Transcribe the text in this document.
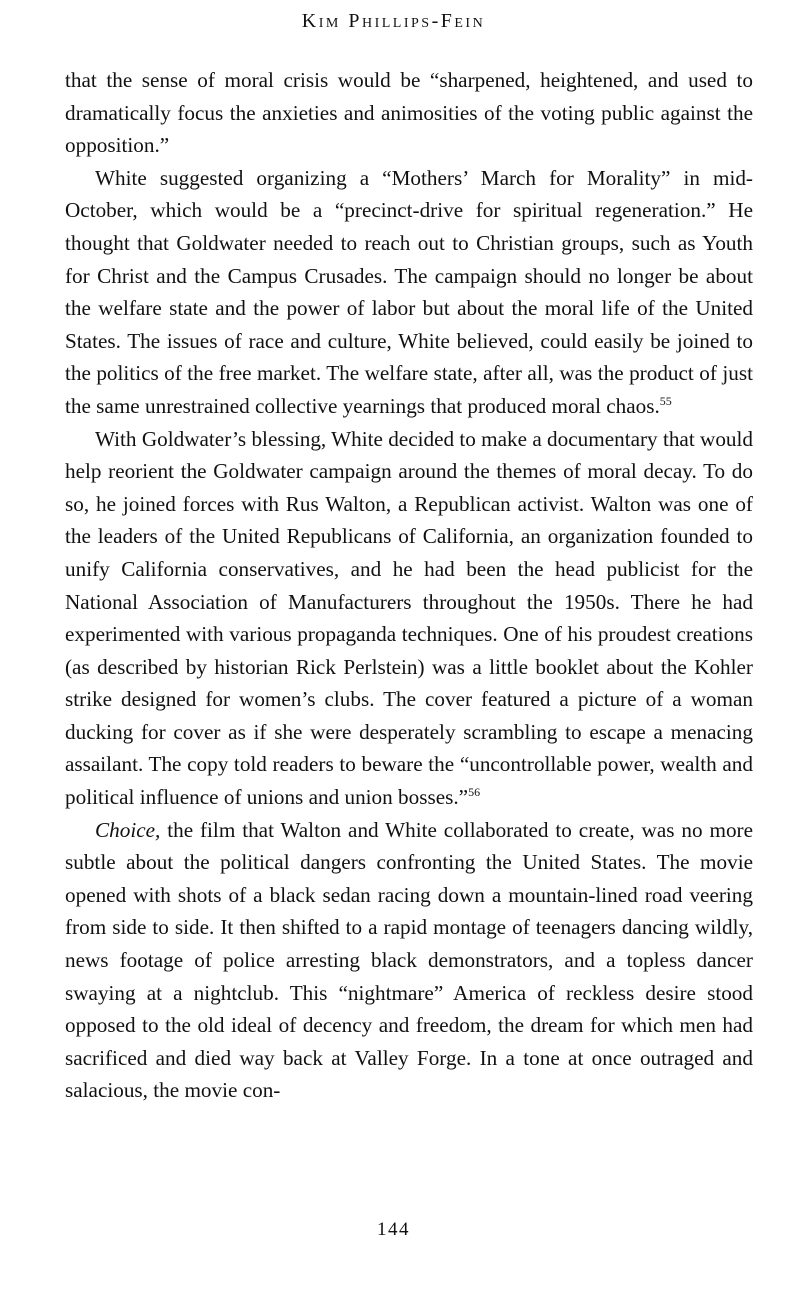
Kim Phillips-Fein

that the sense of moral crisis would be “sharpened, heightened, and used to dramatically focus the anxieties and animosities of the voting public against the opposition.”

White suggested organizing a “Mothers’ March for Morality” in mid-October, which would be a “precinct-drive for spiritual regeneration.” He thought that Goldwater needed to reach out to Christian groups, such as Youth for Christ and the Campus Crusades. The campaign should no longer be about the welfare state and the power of labor but about the moral life of the United States. The issues of race and culture, White believed, could easily be joined to the politics of the free market. The welfare state, after all, was the product of just the same unrestrained collective yearnings that produced moral chaos.$^{55}$

With Goldwater’s blessing, White decided to make a documentary that would help reorient the Goldwater campaign around the themes of moral decay. To do so, he joined forces with Rus Walton, a Republican activist. Walton was one of the leaders of the United Republicans of California, an organization founded to unify California conservatives, and he had been the head publicist for the National Association of Manufacturers throughout the 1950s. There he had experimented with various propaganda techniques. One of his proudest creations (as described by historian Rick Perlstein) was a little booklet about the Kohler strike designed for women’s clubs. The cover featured a picture of a woman ducking for cover as if she were desperately scrambling to escape a menacing assailant. The copy told readers to beware the “uncontrollable power, wealth and political influence of unions and union bosses.”$^{56}$

Choice, the film that Walton and White collaborated to create, was no more subtle about the political dangers confronting the United States. The movie opened with shots of a black sedan racing down a mountain-lined road veering from side to side. It then shifted to a rapid montage of teenagers dancing wildly, news footage of police arresting black demonstrators, and a topless dancer swaying at a nightclub. This “nightmare” America of reckless desire stood opposed to the old ideal of decency and freedom, the dream for which men had sacrificed and died way back at Valley Forge. In a tone at once outraged and salacious, the movie con-

144
